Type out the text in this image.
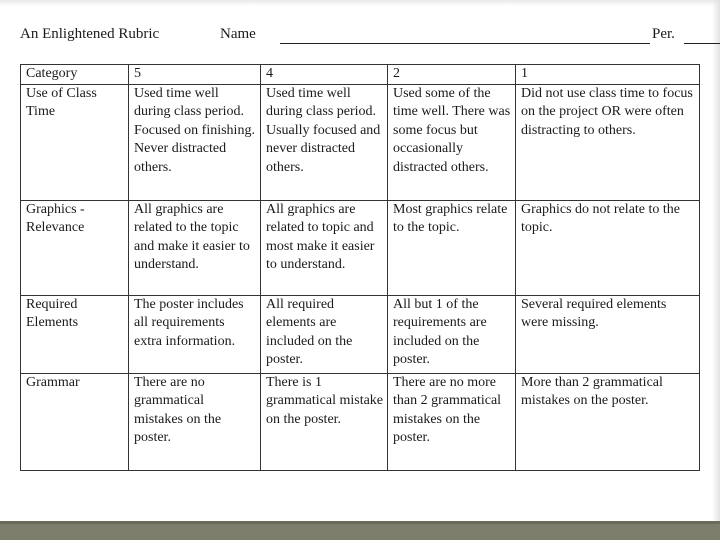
An Enlightened Rubric	Name	Per.
Category	5	4	2	1
Use of Class Time	Used time well during class period. Focused on finishing. Never distracted others.	Used time well during class period. Usually focused and never distracted others.	Used some of the time well. There was some focus but occasionally distracted others.	Did not use class time to focus on the project OR were often distracting to others.
Graphics - Relevance	All graphics are related to the topic and make it easier to understand.	All graphics are related to topic and most make it easier to understand.	Most graphics relate to the topic.	Graphics do not relate to the topic.
Required Elements	The poster includes all requirements extra information.	All required elements are included on the poster.	All but 1 of the requirements are included on the poster.	Several required elements were missing.
Grammar	There are no grammatical mistakes on the poster.	There is 1 grammatical mistake on the poster.	There are no more than 2 grammatical mistakes on the poster.	More than 2 grammatical mistakes on the poster.
